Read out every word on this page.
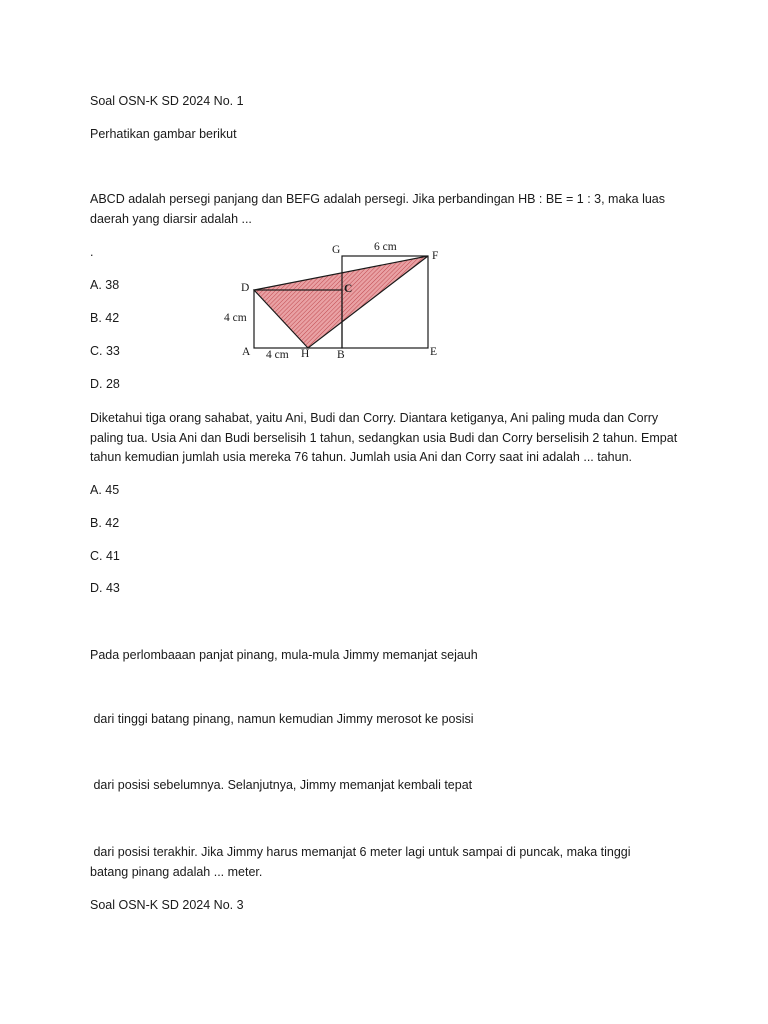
Soal OSN-K SD 2024 No. 1
Perhatikan gambar berikut
ABCD adalah persegi panjang dan BEFG adalah persegi. Jika perbandingan HB : BE = 1 : 3, maka luas
daerah yang diarsir adalah ...
.
A. 38
B. 42
C. 33
D. 28
G	F
D	C
A	H B	E
6 cm
4 cm
4 cm
Diketahui tiga orang sahabat, yaitu Ani, Budi dan Corry. Diantara ketiganya, Ani paling muda dan Corry
paling tua. Usia Ani dan Budi berselisih 1 tahun, sedangkan usia Budi dan Corry berselisih 2 tahun. Empat
tahun kemudian jumlah usia mereka 76 tahun. Jumlah usia Ani dan Corry saat ini adalah ... tahun.
A. 45
B. 42
C. 41
D. 43
Pada perlombaaan panjat pinang, mula-mula Jimmy memanjat sejauh
dari tinggi batang pinang, namun kemudian Jimmy merosot ke posisi
dari posisi sebelumnya. Selanjutnya, Jimmy memanjat kembali tepat
dari posisi terakhir. Jika Jimmy harus memanjat 6 meter lagi untuk sampai di puncak, maka tinggi
batang pinang adalah ... meter.
Soal OSN-K SD 2024 No. 3
